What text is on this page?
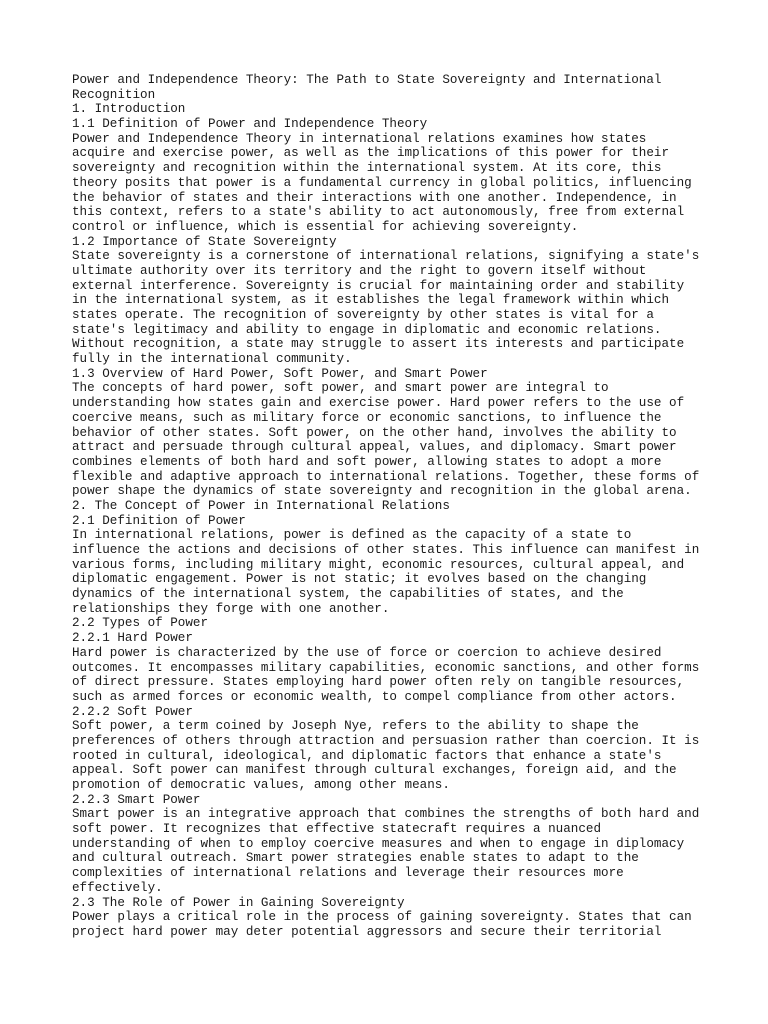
Power and Independence Theory: The Path to State Sovereignty and International
Recognition
1. Introduction
1.1 Definition of Power and Independence Theory
Power and Independence Theory in international relations examines how states
acquire and exercise power, as well as the implications of this power for their
sovereignty and recognition within the international system. At its core, this
theory posits that power is a fundamental currency in global politics, influencing
the behavior of states and their interactions with one another. Independence, in
this context, refers to a state's ability to act autonomously, free from external
control or influence, which is essential for achieving sovereignty.
1.2 Importance of State Sovereignty
State sovereignty is a cornerstone of international relations, signifying a state's
ultimate authority over its territory and the right to govern itself without
external interference. Sovereignty is crucial for maintaining order and stability
in the international system, as it establishes the legal framework within which
states operate. The recognition of sovereignty by other states is vital for a
state's legitimacy and ability to engage in diplomatic and economic relations.
Without recognition, a state may struggle to assert its interests and participate
fully in the international community.
1.3 Overview of Hard Power, Soft Power, and Smart Power
The concepts of hard power, soft power, and smart power are integral to
understanding how states gain and exercise power. Hard power refers to the use of
coercive means, such as military force or economic sanctions, to influence the
behavior of other states. Soft power, on the other hand, involves the ability to
attract and persuade through cultural appeal, values, and diplomacy. Smart power
combines elements of both hard and soft power, allowing states to adopt a more
flexible and adaptive approach to international relations. Together, these forms of
power shape the dynamics of state sovereignty and recognition in the global arena.
2. The Concept of Power in International Relations
2.1 Definition of Power
In international relations, power is defined as the capacity of a state to
influence the actions and decisions of other states. This influence can manifest in
various forms, including military might, economic resources, cultural appeal, and
diplomatic engagement. Power is not static; it evolves based on the changing
dynamics of the international system, the capabilities of states, and the
relationships they forge with one another.
2.2 Types of Power
2.2.1 Hard Power
Hard power is characterized by the use of force or coercion to achieve desired
outcomes. It encompasses military capabilities, economic sanctions, and other forms
of direct pressure. States employing hard power often rely on tangible resources,
such as armed forces or economic wealth, to compel compliance from other actors.
2.2.2 Soft Power
Soft power, a term coined by Joseph Nye, refers to the ability to shape the
preferences of others through attraction and persuasion rather than coercion. It is
rooted in cultural, ideological, and diplomatic factors that enhance a state's
appeal. Soft power can manifest through cultural exchanges, foreign aid, and the
promotion of democratic values, among other means.
2.2.3 Smart Power
Smart power is an integrative approach that combines the strengths of both hard and
soft power. It recognizes that effective statecraft requires a nuanced
understanding of when to employ coercive measures and when to engage in diplomacy
and cultural outreach. Smart power strategies enable states to adapt to the
complexities of international relations and leverage their resources more
effectively.
2.3 The Role of Power in Gaining Sovereignty
Power plays a critical role in the process of gaining sovereignty. States that can
project hard power may deter potential aggressors and secure their territorial
